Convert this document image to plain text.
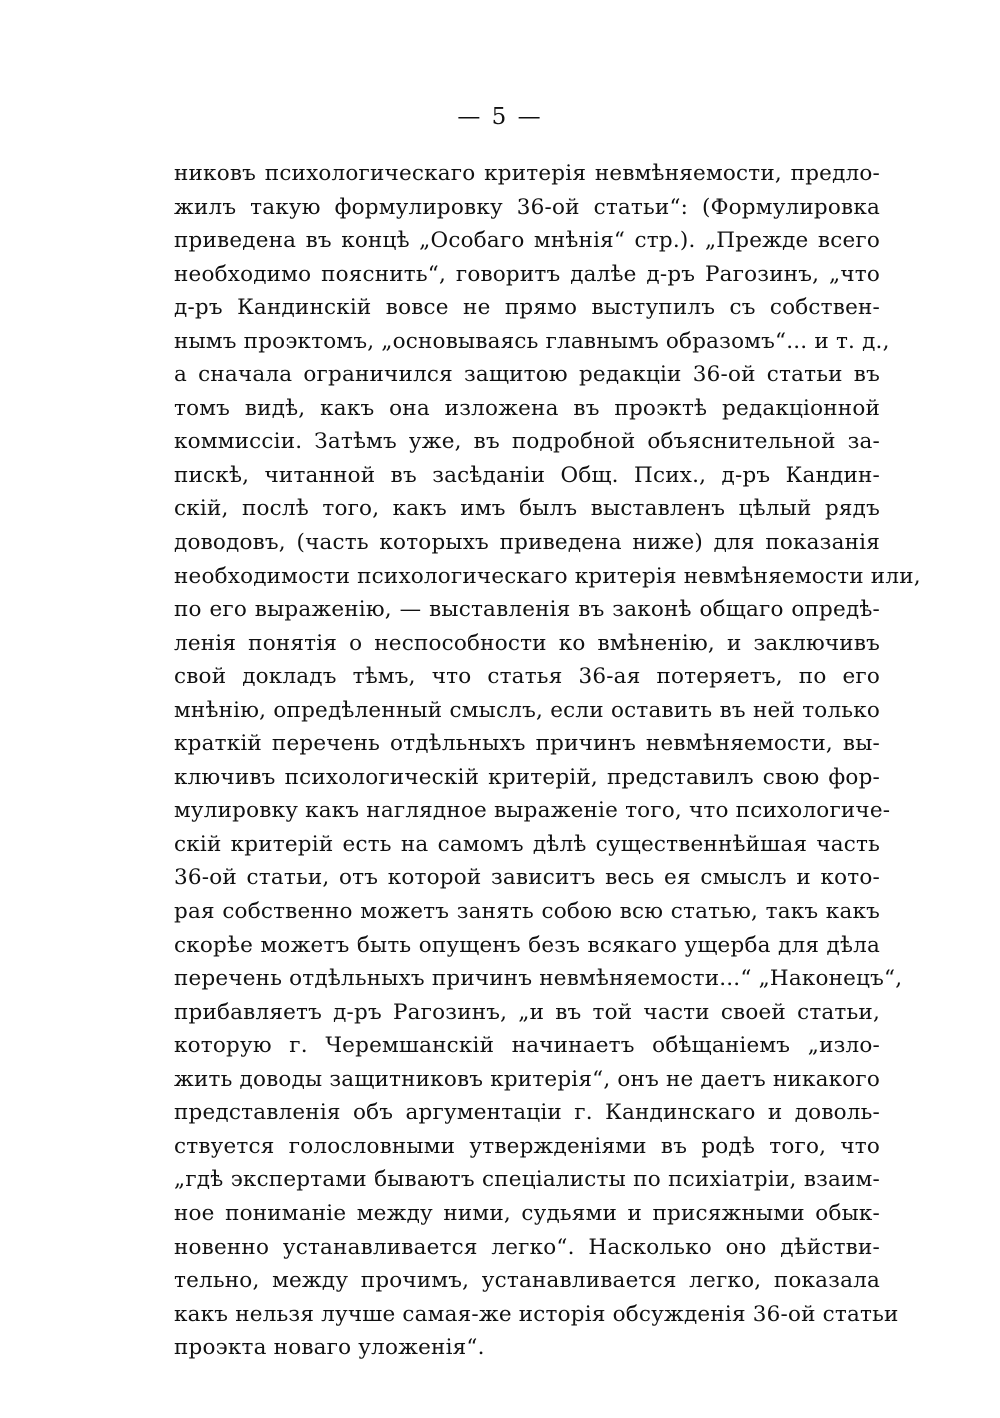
— 5 —
никовъ психологическаго критерія невмѣняемости, предло-
жилъ такую формулировку 36-ой статьи“: (Формулировка
приведена въ концѣ „Особаго мнѣнія“ стр.). „Прежде всего
необходимо пояснить“, говоритъ далѣе д-ръ Рагозинъ, „что
д-ръ Кандинскій вовсе не прямо выступилъ съ собствен-
нымъ проэктомъ, „основываясь главнымъ образомъ“... и т. д.,
а сначала ограничился защитою редакціи 36-ой статьи въ
томъ видѣ, какъ она изложена въ проэктѣ редакціонной
коммиссіи. Затѣмъ уже, въ подробной объяснительной за-
пискѣ, читанной въ засѣданіи Общ. Псих., д-ръ Кандин-
скій, послѣ того, какъ имъ былъ выставленъ цѣлый рядъ
доводовъ, (часть которыхъ приведена ниже) для показанія
необходимости психологическаго критерія невмѣняемости или,
по его выраженію, — выставленія въ законѣ общаго опредѣ-
ленія понятія о неспособности ко вмѣненію, и заключивъ
свой докладъ тѣмъ, что статья 36-ая потеряетъ, по его
мнѣнію, опредѣленный смыслъ, если оставить въ ней только
краткій перечень отдѣльныхъ причинъ невмѣняемости, вы-
ключивъ психологическій критерій, представилъ свою фор-
мулировку какъ наглядное выраженіе того, что психологиче-
скій критерій есть на самомъ дѣлѣ существеннѣйшая часть
36-ой статьи, отъ которой зависитъ весь ея смыслъ и кото-
рая собственно можетъ занять собою всю статью, такъ какъ
скорѣе можетъ быть опущенъ безъ всякаго ущерба для дѣла
перечень отдѣльныхъ причинъ невмѣняемости...“ „Наконецъ“,
прибавляетъ д-ръ Рагозинъ, „и въ той части своей статьи,
которую г. Черемшанскій начинаетъ обѣщаніемъ „изло-
жить доводы защитниковъ критерія“, онъ не даетъ никакого
представленія объ аргументаціи г. Кандинскаго и доволь-
ствуется голословными утвержденіями въ родѣ того, что
„гдѣ экспертами бываютъ спеціалисты по психіатріи, взаим-
ное пониманіе между ними, судьями и присяжными обык-
новенно устанавливается легко“. Насколько оно дѣйстви-
тельно, между прочимъ, устанавливается легко, показала
какъ нельзя лучше самая-же исторія обсужденія 36-ой статьи
проэкта новаго уложенія“.
